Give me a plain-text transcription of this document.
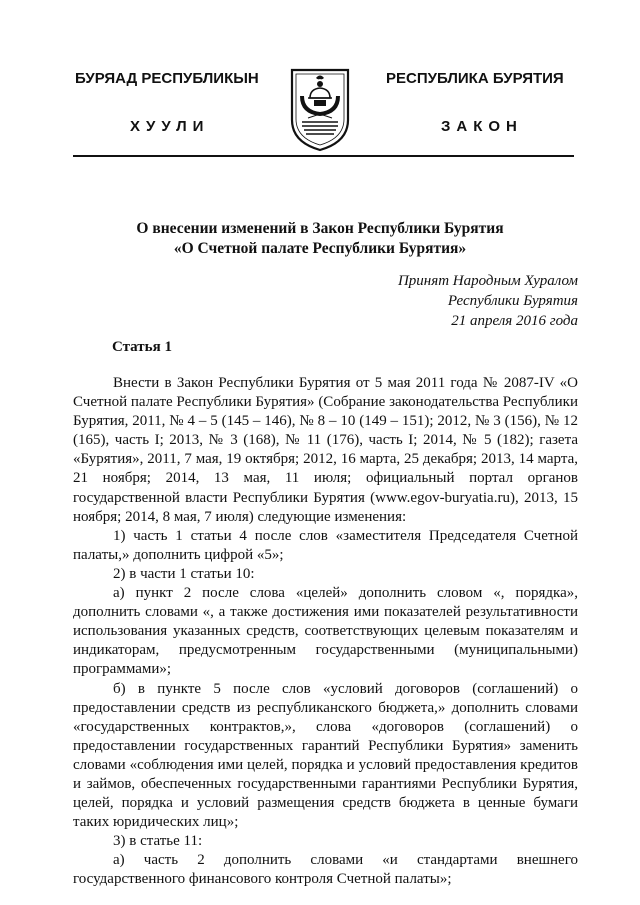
БУРЯАД РЕСПУБЛИКЫН
ХУУЛИ
РЕСПУБЛИКА БУРЯТИЯ
ЗАКОН
О внесении изменений в Закон Республики Бурятия
«О Счетной палате Республики Бурятия»
Принят Народным Хуралом
Республики Бурятия
21 апреля 2016 года
Статья 1

Внести в Закон Республики Бурятия от 5 мая 2011 года № 2087-IV «О Счетной палате Республики Бурятия» (Собрание законодательства Республики Бурятия, 2011, № 4 – 5 (145 – 146), № 8 – 10 (149 – 151); 2012, № 3 (156), № 12 (165), часть I; 2013, № 3 (168), № 11 (176), часть I; 2014, № 5 (182); газета «Бурятия», 2011, 7 мая, 19 октября; 2012, 16 марта, 25 декабря; 2013, 14 марта, 21 ноября; 2014, 13 мая, 11 июля; официальный портал органов государственной власти Республики Бурятия (www.egov-buryatia.ru), 2013, 15 ноября; 2014, 8 мая, 7 июля) следующие изменения:

1) часть 1 статьи 4 после слов «заместителя Председателя Счетной палаты,» дополнить цифрой «5»;

2) в части 1 статьи 10:

а) пункт 2 после слова «целей» дополнить словом «, порядка», дополнить словами «, а также достижения ими показателей результативности использования указанных средств, соответствующих целевым показателям и индикаторам, предусмотренным государственными (муниципальными) программами»;

б) в пункте 5 после слов «условий договоров (соглашений) о предоставлении средств из республиканского бюджета,» дополнить словами «государственных контрактов,», слова «договоров (соглашений) о предоставлении государственных гарантий Республики Бурятия» заменить словами «соблюдения ими целей, порядка и условий предоставления кредитов и займов, обеспеченных государственными гарантиями Республики Бурятия, целей, порядка и условий размещения средств бюджета в ценные бумаги таких юридических лиц»;

3) в статье 11:

а) часть 2 дополнить словами «и стандартами внешнего государственного финансового контроля Счетной палаты»;
